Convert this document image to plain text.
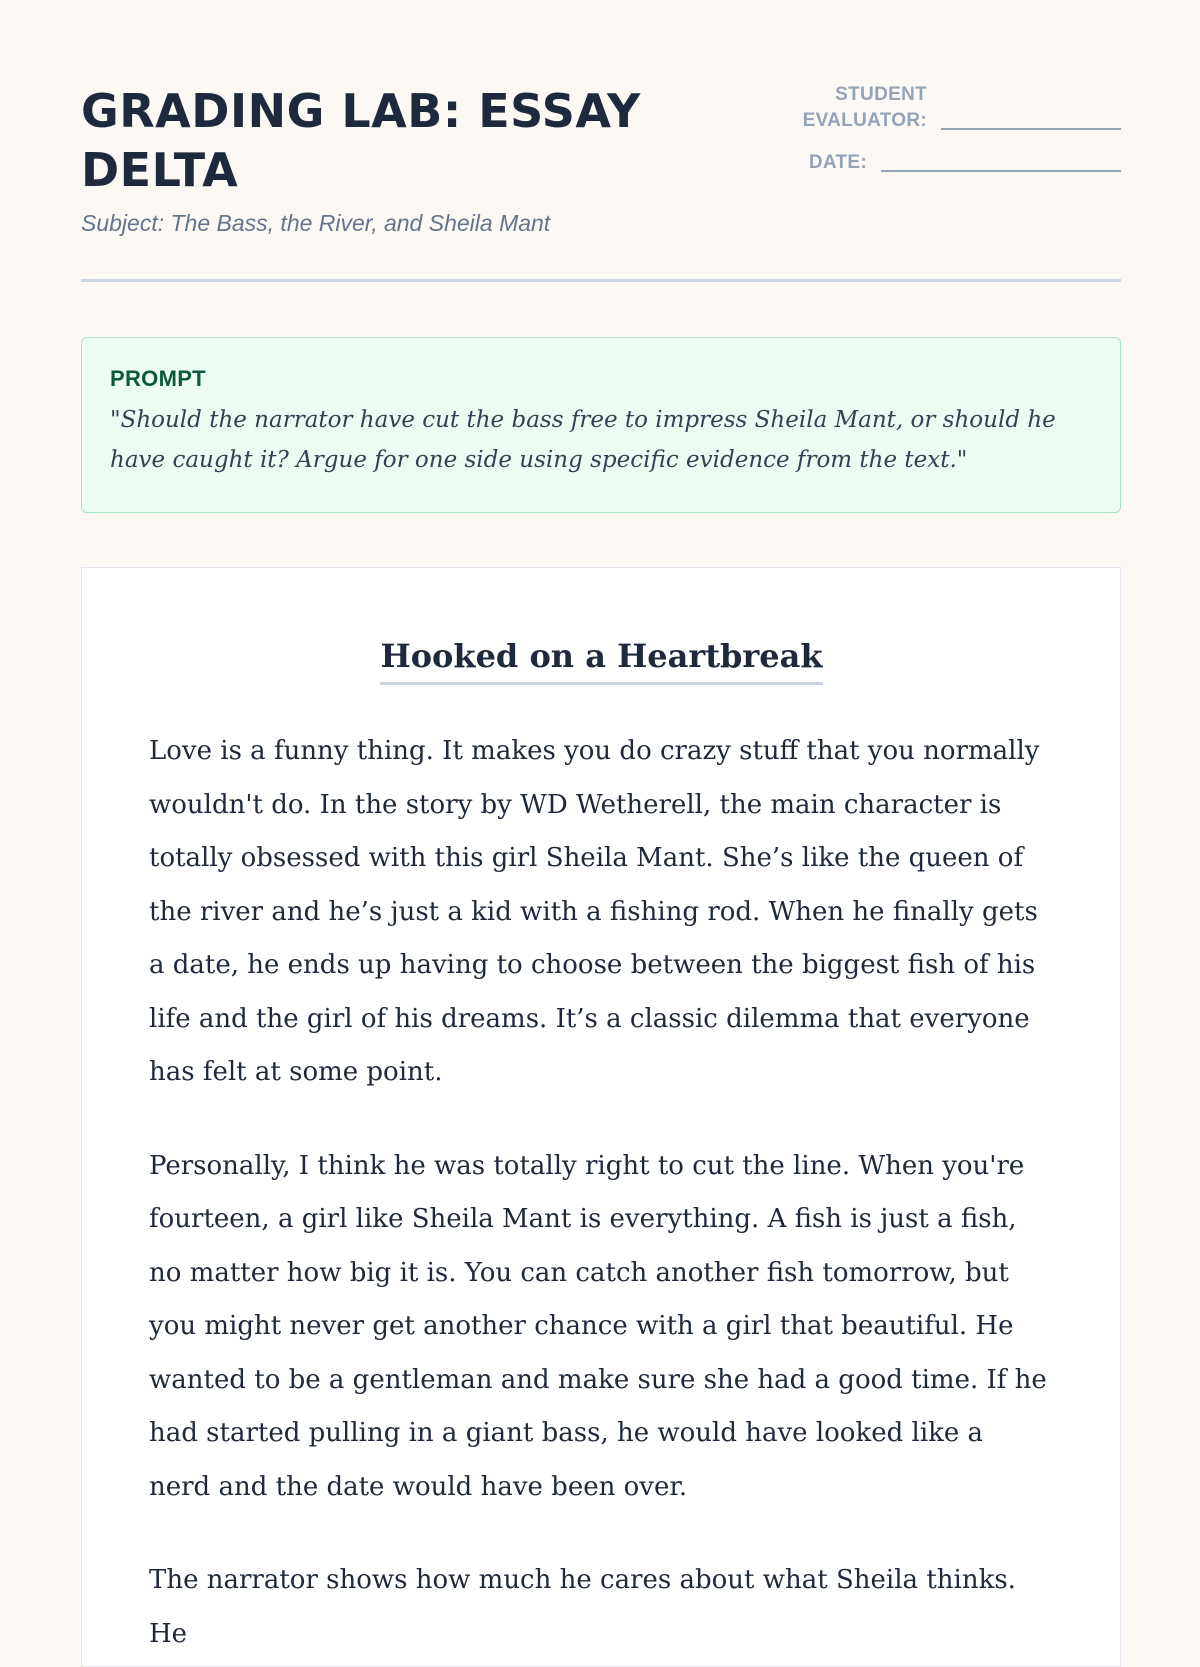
GRADING LAB: ESSAY DELTA
Subject: The Bass, the River, and Sheila Mant
STUDENT EVALUATOR:
DATE:
PROMPT
"Should the narrator have cut the bass free to impress Sheila Mant, or should he have caught it? Argue for one side using specific evidence from the text."
Hooked on a Heartbreak

Love is a funny thing. It makes you do crazy stuff that you normally wouldn't do. In the story by WD Wetherell, the main character is totally obsessed with this girl Sheila Mant. She’s like the queen of the river and he’s just a kid with a fishing rod. When he finally gets a date, he ends up having to choose between the biggest fish of his life and the girl of his dreams. It’s a classic dilemma that everyone has felt at some point.

Personally, I think he was totally right to cut the line. When you're fourteen, a girl like Sheila Mant is everything. A fish is just a fish, no matter how big it is. You can catch another fish tomorrow, but you might never get another chance with a girl that beautiful. He wanted to be a gentleman and make sure she had a good time. If he had started pulling in a giant bass, he would have looked like a nerd and the date would have been over.

The narrator shows how much he cares about what Sheila thinks. He
